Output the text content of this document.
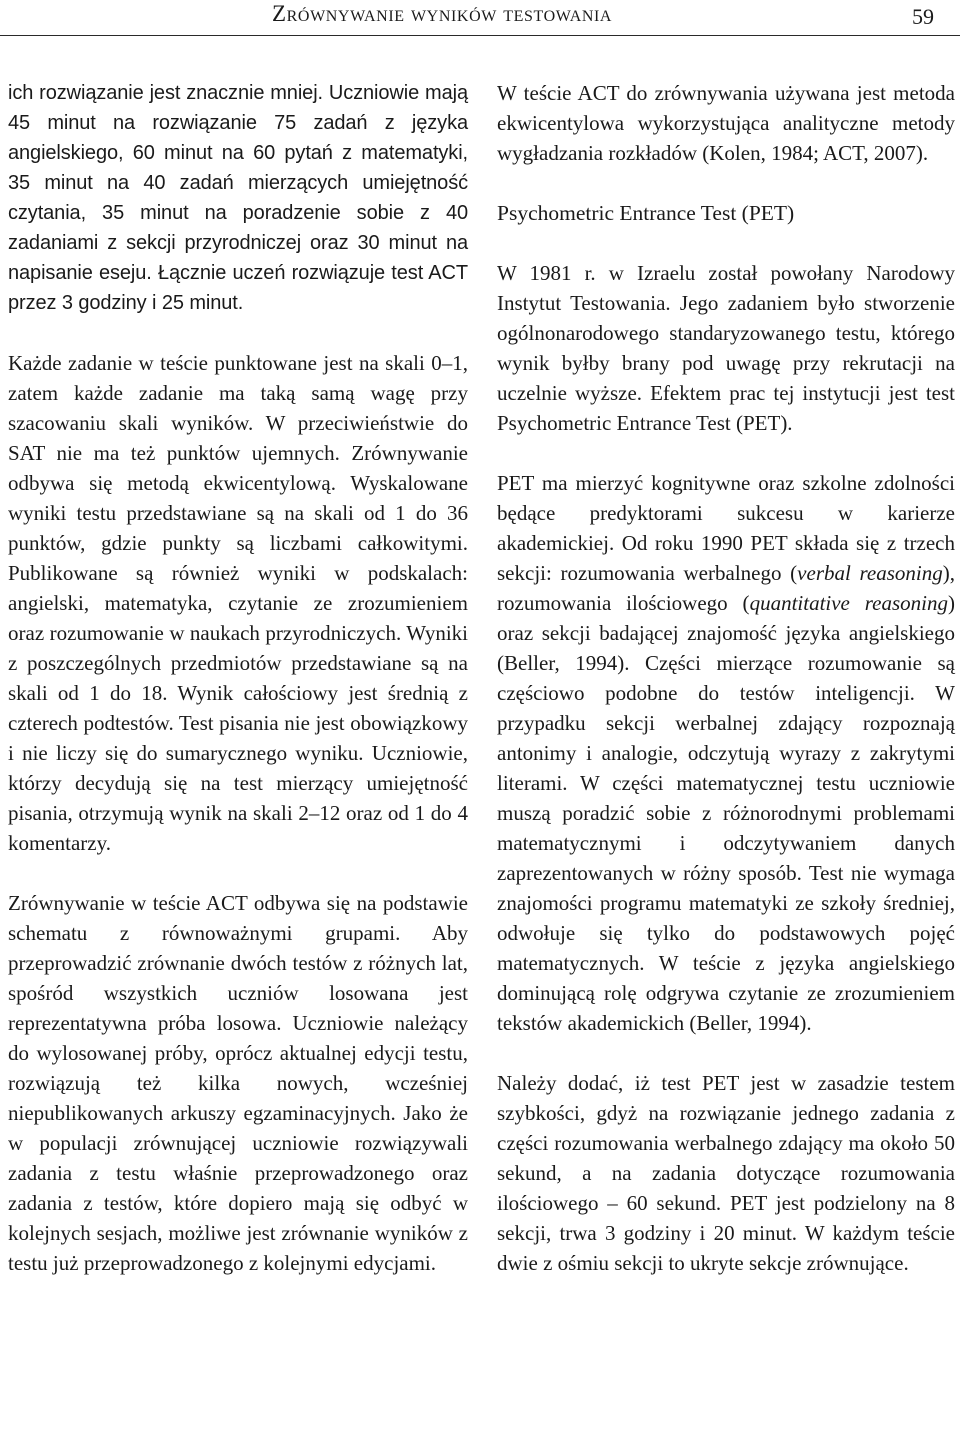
Zrównywanie wyników testowania	59

ich rozwiązanie jest znacznie mniej. Uczniowie mają 45 minut na rozwiązanie 75 zadań z języka angielskiego, 60 minut na 60 pytań z matematyki, 35 minut na 40 zadań mierzących umiejętność czytania, 35 minut na poradzenie sobie z 40 zadaniami z sekcji przyrodniczej oraz 30 minut na napisanie eseju. Łącznie uczeń rozwiązuje test ACT przez 3 godziny i 25 minut.

Każde zadanie w teście punktowane jest na skali 0–1, zatem każde zadanie ma taką samą wagę przy szacowaniu skali wyników. W przeciwieństwie do SAT nie ma też punktów ujemnych. Zrównywanie odbywa się metodą ekwicentylową. Wyskalowane wyniki testu przedstawiane są na skali od 1 do 36 punktów, gdzie punkty są liczbami całkowitymi. Publikowane są również wyniki w podskalach: angielski, matematyka, czytanie ze zrozumieniem oraz rozumowanie w naukach przyrodniczych. Wyniki z poszczególnych przedmiotów przedstawiane są na skali od 1 do 18. Wynik całościowy jest średnią z czterech podtestów. Test pisania nie jest obowiązkowy i nie liczy się do sumarycznego wyniku. Uczniowie, którzy decydują się na test mierzący umiejętność pisania, otrzymują wynik na skali 2–12 oraz od 1 do 4 komentarzy.

Zrównywanie w teście ACT odbywa się na podstawie schematu z równoważnymi grupami. Aby przeprowadzić zrównanie dwóch testów z różnych lat, spośród wszystkich uczniów losowana jest reprezentatywna próba losowa. Uczniowie należący do wylosowanej próby, oprócz aktualnej edycji testu, rozwiązują też kilka nowych, wcześniej niepublikowanych arkuszy egzaminacyjnych. Jako że w populacji zrównującej uczniowie rozwiązywali zadania z testu właśnie przeprowadzonego oraz zadania z testów, które dopiero mają się odbyć w kolejnych sesjach, możliwe jest zrównanie wyników z testu już przeprowadzonego z kolejnymi edycjami.

W teście ACT do zrównywania używana jest metoda ekwicentylowa wykorzystująca analityczne metody wygładzania rozkładów (Kolen, 1984; ACT, 2007).

Psychometric Entrance Test (PET)

W 1981 r. w Izraelu został powołany Narodowy Instytut Testowania. Jego zadaniem było stworzenie ogólnonarodowego standaryzowanego testu, którego wynik byłby brany pod uwagę przy rekrutacji na uczelnie wyższe. Efektem prac tej instytucji jest test Psychometric Entrance Test (PET).

PET ma mierzyć kognitywne oraz szkolne zdolności będące predyktorami sukcesu w karierze akademickiej. Od roku 1990 PET składa się z trzech sekcji: rozumowania werbalnego (verbal reasoning), rozumowania ilościowego (quantitative reasoning) oraz sekcji badającej znajomość języka angielskiego (Beller, 1994). Części mierzące rozumowanie są częściowo podobne do testów inteligencji. W przypadku sekcji werbalnej zdający rozpoznają antonimy i analogie, odczytują wyrazy z zakrytymi literami. W części matematycznej testu uczniowie muszą poradzić sobie z różnorodnymi problemami matematycznymi i odczytywaniem danych zaprezentowanych w różny sposób. Test nie wymaga znajomości programu matematyki ze szkoły średniej, odwołuje się tylko do podstawowych pojęć matematycznych. W teście z języka angielskiego dominującą rolę odgrywa czytanie ze zrozumieniem tekstów akademickich (Beller, 1994).

Należy dodać, iż test PET jest w zasadzie testem szybkości, gdyż na rozwiązanie jednego zadania z części rozumowania werbalnego zdający ma około 50 sekund, a na zadania dotyczące rozumowania ilościowego – 60 sekund. PET jest podzielony na 8 sekcji, trwa 3 godziny i 20 minut. W każdym teście dwie z ośmiu sekcji to ukryte sekcje zrównujące.
